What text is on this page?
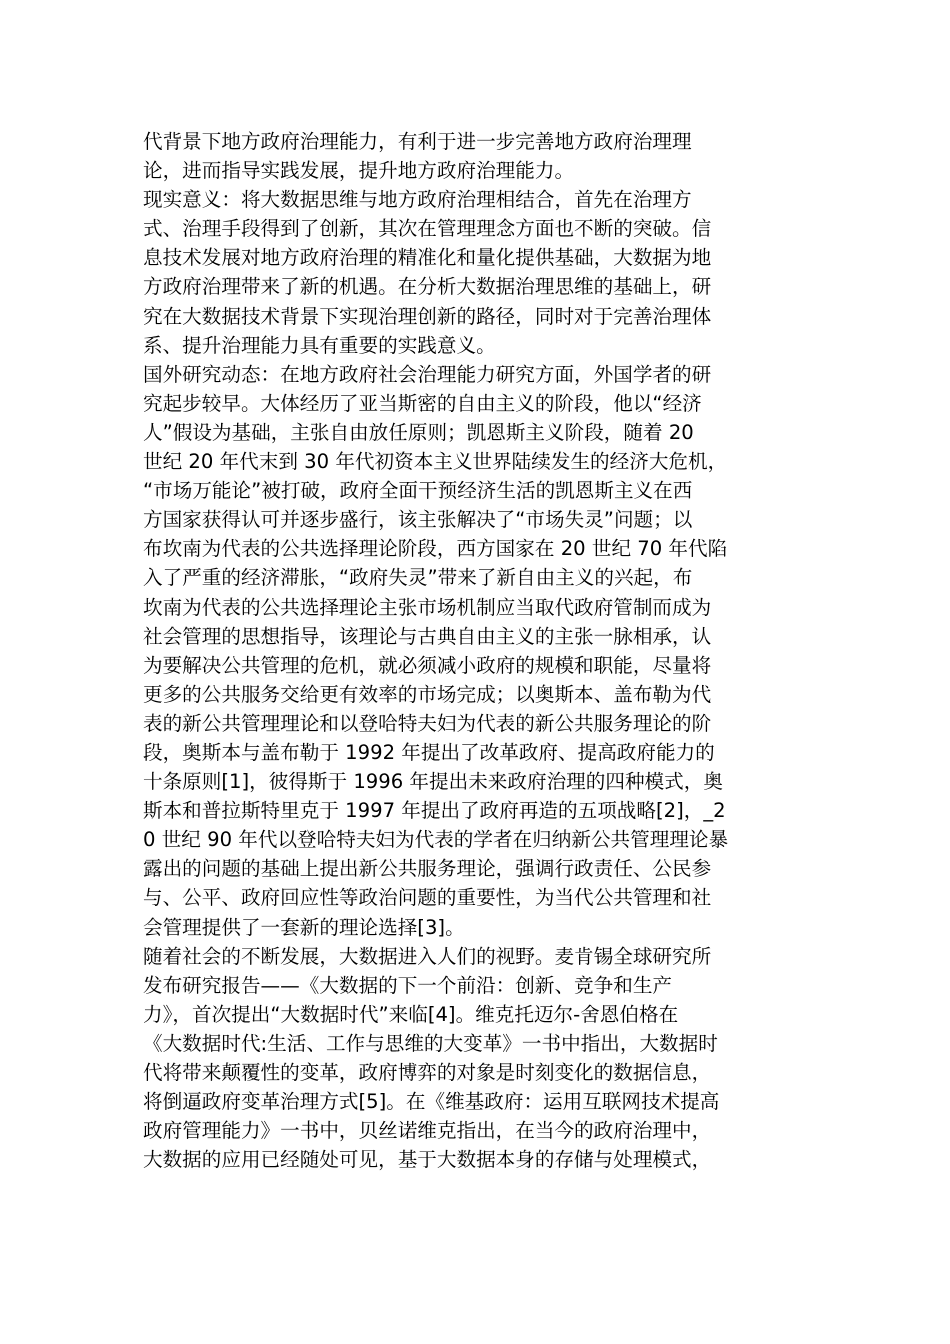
代背景下地方政府治理能力，有利于进一步完善地方政府治理理
论，进而指导实践发展，提升地方政府治理能力。
现实意义：将大数据思维与地方政府治理相结合，首先在治理方
式、治理手段得到了创新，其次在管理理念方面也不断的突破。信
息技术发展对地方政府治理的精准化和量化提供基础，大数据为地
方政府治理带来了新的机遇。在分析大数据治理思维的基础上，研
究在大数据技术背景下实现治理创新的路径，同时对于完善治理体
系、提升治理能力具有重要的实践意义。
国外研究动态：在地方政府社会治理能力研究方面，外国学者的研
究起步较早。大体经历了亚当斯密的自由主义的阶段，他以“经济
人”假设为基础，主张自由放任原则；凯恩斯主义阶段，随着 20
世纪 20 年代末到 30 年代初资本主义世界陆续发生的经济大危机，
“市场万能论”被打破，政府全面干预经济生活的凯恩斯主义在西
方国家获得认可并逐步盛行，该主张解决了“市场失灵”问题；以
布坎南为代表的公共选择理论阶段，西方国家在 20 世纪 70 年代陷
入了严重的经济滞胀，“政府失灵”带来了新自由主义的兴起，布
坎南为代表的公共选择理论主张市场机制应当取代政府管制而成为
社会管理的思想指导，该理论与古典自由主义的主张一脉相承，认
为要解决公共管理的危机，就必须减小政府的规模和职能，尽量将
更多的公共服务交给更有效率的市场完成；以奥斯本、盖布勒为代
表的新公共管理理论和以登哈特夫妇为代表的新公共服务理论的阶
段，奥斯本与盖布勒于 1992 年提出了改革政府、提高政府能力的
十条原则[1]，彼得斯于 1996 年提出未来政府治理的四种模式，奥
斯本和普拉斯特里克于 1997 年提出了政府再造的五项战略[2]，_2
0 世纪 90 年代以登哈特夫妇为代表的学者在归纳新公共管理理论暴
露出的问题的基础上提出新公共服务理论，强调行政责任、公民参
与、公平、政府回应性等政治问题的重要性，为当代公共管理和社
会管理提供了一套新的理论选择[3]。
随着社会的不断发展，大数据进入人们的视野。麦肯锡全球研究所
发布研究报告——《大数据的下一个前沿：创新、竞争和生产
力》，首次提出“大数据时代”来临[4]。维克托迈尔-舍恩伯格在
《大数据时代:生活、工作与思维的大变革》一书中指出，大数据时
代将带来颠覆性的变革，政府博弈的对象是时刻变化的数据信息，
将倒逼政府变革治理方式[5]。在《维基政府：运用互联网技术提高
政府管理能力》一书中，贝丝诺维克指出，在当今的政府治理中，
大数据的应用已经随处可见，基于大数据本身的存储与处理模式，
